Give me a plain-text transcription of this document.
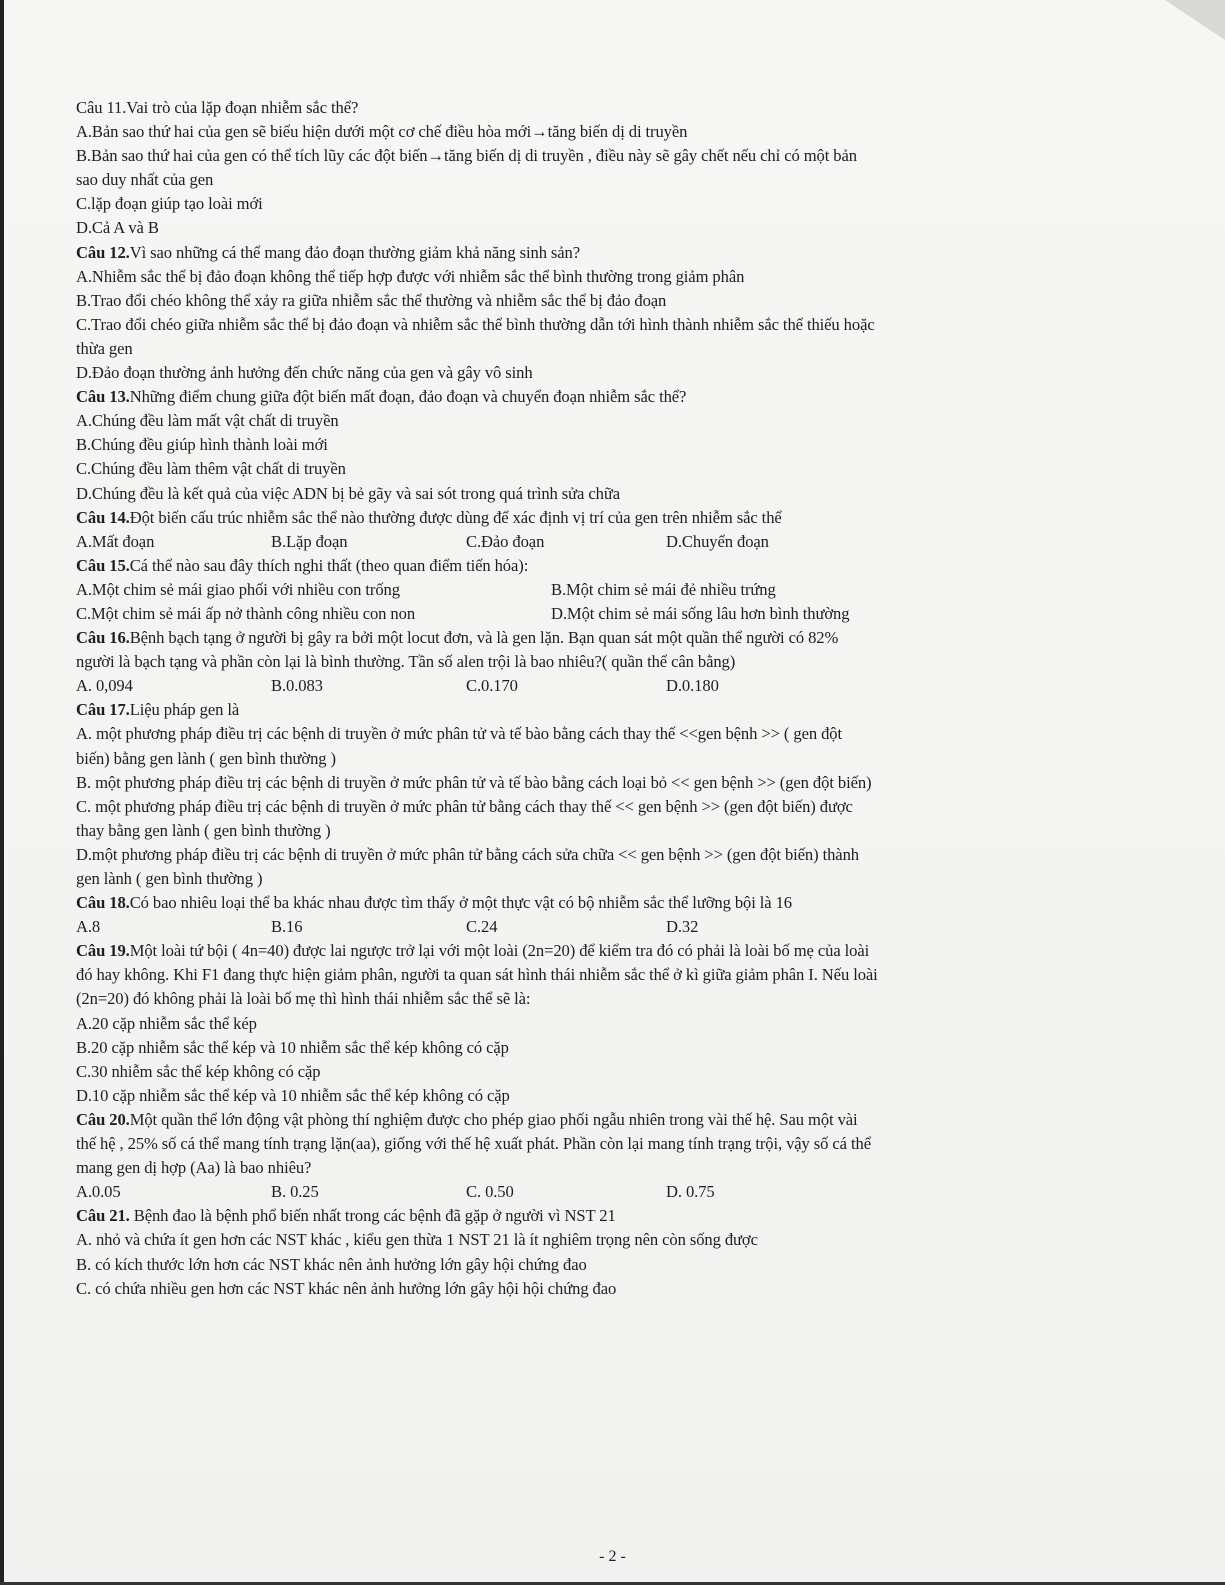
Câu 11.Vai trò của lặp đoạn nhiễm sắc thể?
A.Bản sao thứ hai của gen sẽ biểu hiện dưới một cơ chế điều hòa mới→tăng biến dị di truyền
B.Bản sao thứ hai của gen có thể tích lũy các đột biến→tăng biến dị di truyền , điều này sẽ gây chết nếu chỉ có một bản
sao duy nhất của gen
C.lặp đoạn giúp tạo loài mới
D.Cả A và B
Câu 12.Vì sao những cá thể mang đảo đoạn thường giảm khả năng sinh sản?
A.Nhiễm sắc thể bị đảo đoạn không thể tiếp hợp được với nhiễm sắc thể bình thường trong giảm phân
B.Trao đổi chéo không thể xảy ra giữa nhiễm sắc thể thường và nhiễm sắc thể bị đảo đoạn
C.Trao đổi chéo giữa nhiễm sắc thể bị đảo đoạn và nhiễm sắc thể bình thường dẫn tới hình thành nhiễm sắc thể thiếu hoặc
thừa gen
D.Đảo đoạn thường ảnh hưởng đến chức năng của gen và gây vô sinh
Câu 13.Những điểm chung giữa đột biến mất đoạn, đảo đoạn và chuyển đoạn nhiễm sắc thể?
A.Chúng đều làm mất vật chất di truyền
B.Chúng đều giúp hình thành loài mới
C.Chúng đều làm thêm vật chất di truyền
D.Chúng đều là kết quả của việc ADN bị bẻ gãy và sai sót trong quá trình sửa chữa
Câu 14.Đột biến cấu trúc nhiễm sắc thể nào thường được dùng để xác định vị trí của gen trên nhiễm sắc thể
A.Mất đoạn	B.Lặp đoạn	C.Đảo đoạn	D.Chuyển đoạn
Câu 15.Cá thể nào sau đây thích nghi thất (theo quan điểm tiến hóa):
A.Một chim sẻ mái giao phối với nhiều con trống	B.Một chim sẻ mái đẻ nhiều trứng
C.Một chim sẻ mái ấp nở thành công nhiều con non	D.Một chim sẻ mái sống lâu hơn bình thường
Câu 16.Bệnh bạch tạng ở người bị gây ra bởi một locut đơn, và là gen lặn. Bạn quan sát một quần thể người có 82%
người là bạch tạng và phần còn lại là bình thường. Tần số alen trội là bao nhiêu?( quần thể cân bằng)
A. 0,094	B.0.083	C.0.170	D.0.180
Câu 17.Liệu pháp gen là
A. một phương pháp điều trị các bệnh di truyền ở mức phân tử và tế bào bằng cách thay thế <<gen bệnh >> ( gen đột
biến) bằng gen lành ( gen bình thường )
B. một phương pháp điều trị các bệnh di truyền ở mức phân tử và tế bào bằng cách loại bỏ << gen bệnh >> (gen đột biến)
C. một phương pháp điều trị các bệnh di truyền ở mức phân tử bằng cách thay thế << gen bệnh >> (gen đột biến) được
thay bằng gen lành ( gen bình thường )
D.một phương pháp điều trị các bệnh di truyền ở mức phân tử bằng cách sửa chữa << gen bệnh >> (gen đột biến) thành
gen lành ( gen bình thường )
Câu 18.Có bao nhiêu loại thể ba khác nhau được tìm thấy ở một thực vật có bộ nhiễm sắc thể lưỡng bội là 16
A.8	B.16	C.24	D.32
Câu 19.Một loài tứ bội ( 4n=40) được lai ngược trở lại với một loài (2n=20) để kiểm tra đó có phải là loài bố mẹ của loài
đó hay không. Khi F1 đang thực hiện giảm phân, người ta quan sát hình thái nhiễm sắc thể ở kì giữa giảm phân I. Nếu loài
(2n=20) đó không phải là loài bố mẹ thì hình thái nhiễm sắc thể sẽ là:
A.20 cặp nhiễm sắc thể kép
B.20 cặp nhiễm sắc thể kép và 10 nhiễm sắc thể kép không có cặp
C.30 nhiễm sắc thể kép không có cặp
D.10 cặp nhiễm sắc thể kép và 10 nhiễm sắc thể kép không có cặp
Câu 20.Một quần thể lớn động vật phòng thí nghiệm được cho phép giao phối ngẫu nhiên trong vài thế hệ. Sau một vài
thế hệ , 25% số cá thể mang tính trạng lặn(aa), giống với thế hệ xuất phát. Phần còn lại mang tính trạng trội, vậy số cá thể
mang gen dị hợp (Aa) là bao nhiêu?
A.0.05	B. 0.25	C. 0.50	D. 0.75
Câu 21. Bệnh đao là bệnh phổ biến nhất trong các bệnh đã gặp ở người vì NST 21
A. nhỏ và chứa ít gen hơn các NST khác , kiểu gen thừa 1 NST 21 là ít nghiêm trọng nên còn sống được
B. có kích thước lớn hơn các NST khác nên ảnh hưởng lớn gây hội chứng đao
C. có chứa nhiều gen hơn các NST khác nên ảnh hưởng lớn gây hội hội chứng đao
- 2 -
